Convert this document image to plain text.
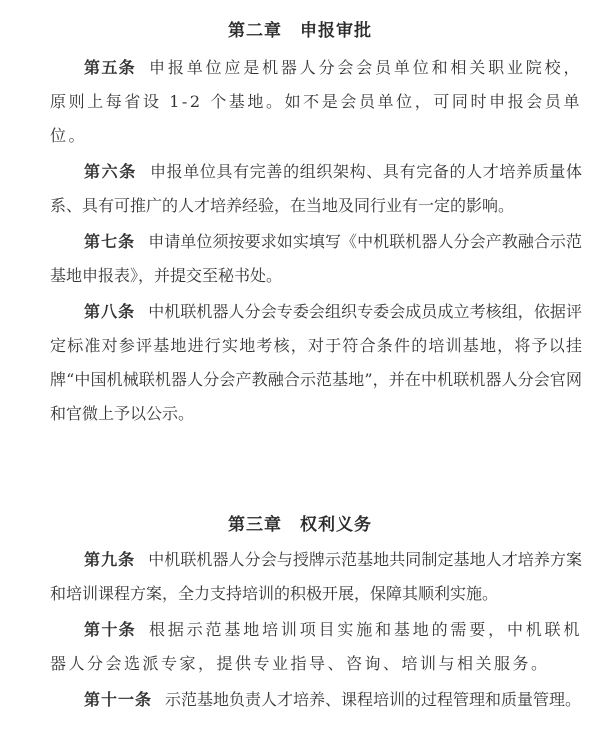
第二章　申报审批

第五条 申报单位应是机器人分会会员单位和相关职业院校，原则上每省设 1-2 个基地。如不是会员单位，可同时申报会员单位。

第六条 申报单位具有完善的组织架构、具有完备的人才培养质量体系、具有可推广的人才培养经验，在当地及同行业有一定的影响。

第七条 申请单位须按要求如实填写《中机联机器人分会产教融合示范基地申报表》，并提交至秘书处。

第八条 中机联机器人分会专委会组织专委会成员成立考核组，依据评定标准对参评基地进行实地考核，对于符合条件的培训基地，将予以挂牌“中国机械联机器人分会产教融合示范基地”，并在中机联机器人分会官网和官微上予以公示。

第三章　权利义务

第九条 中机联机器人分会与授牌示范基地共同制定基地人才培养方案和培训课程方案，全力支持培训的积极开展，保障其顺利实施。

第十条 根据示范基地培训项目实施和基地的需要，中机联机器人分会选派专家，提供专业指导、咨询、培训与相关服务。

第十一条 示范基地负责人才培养、课程培训的过程管理和质量管理。
